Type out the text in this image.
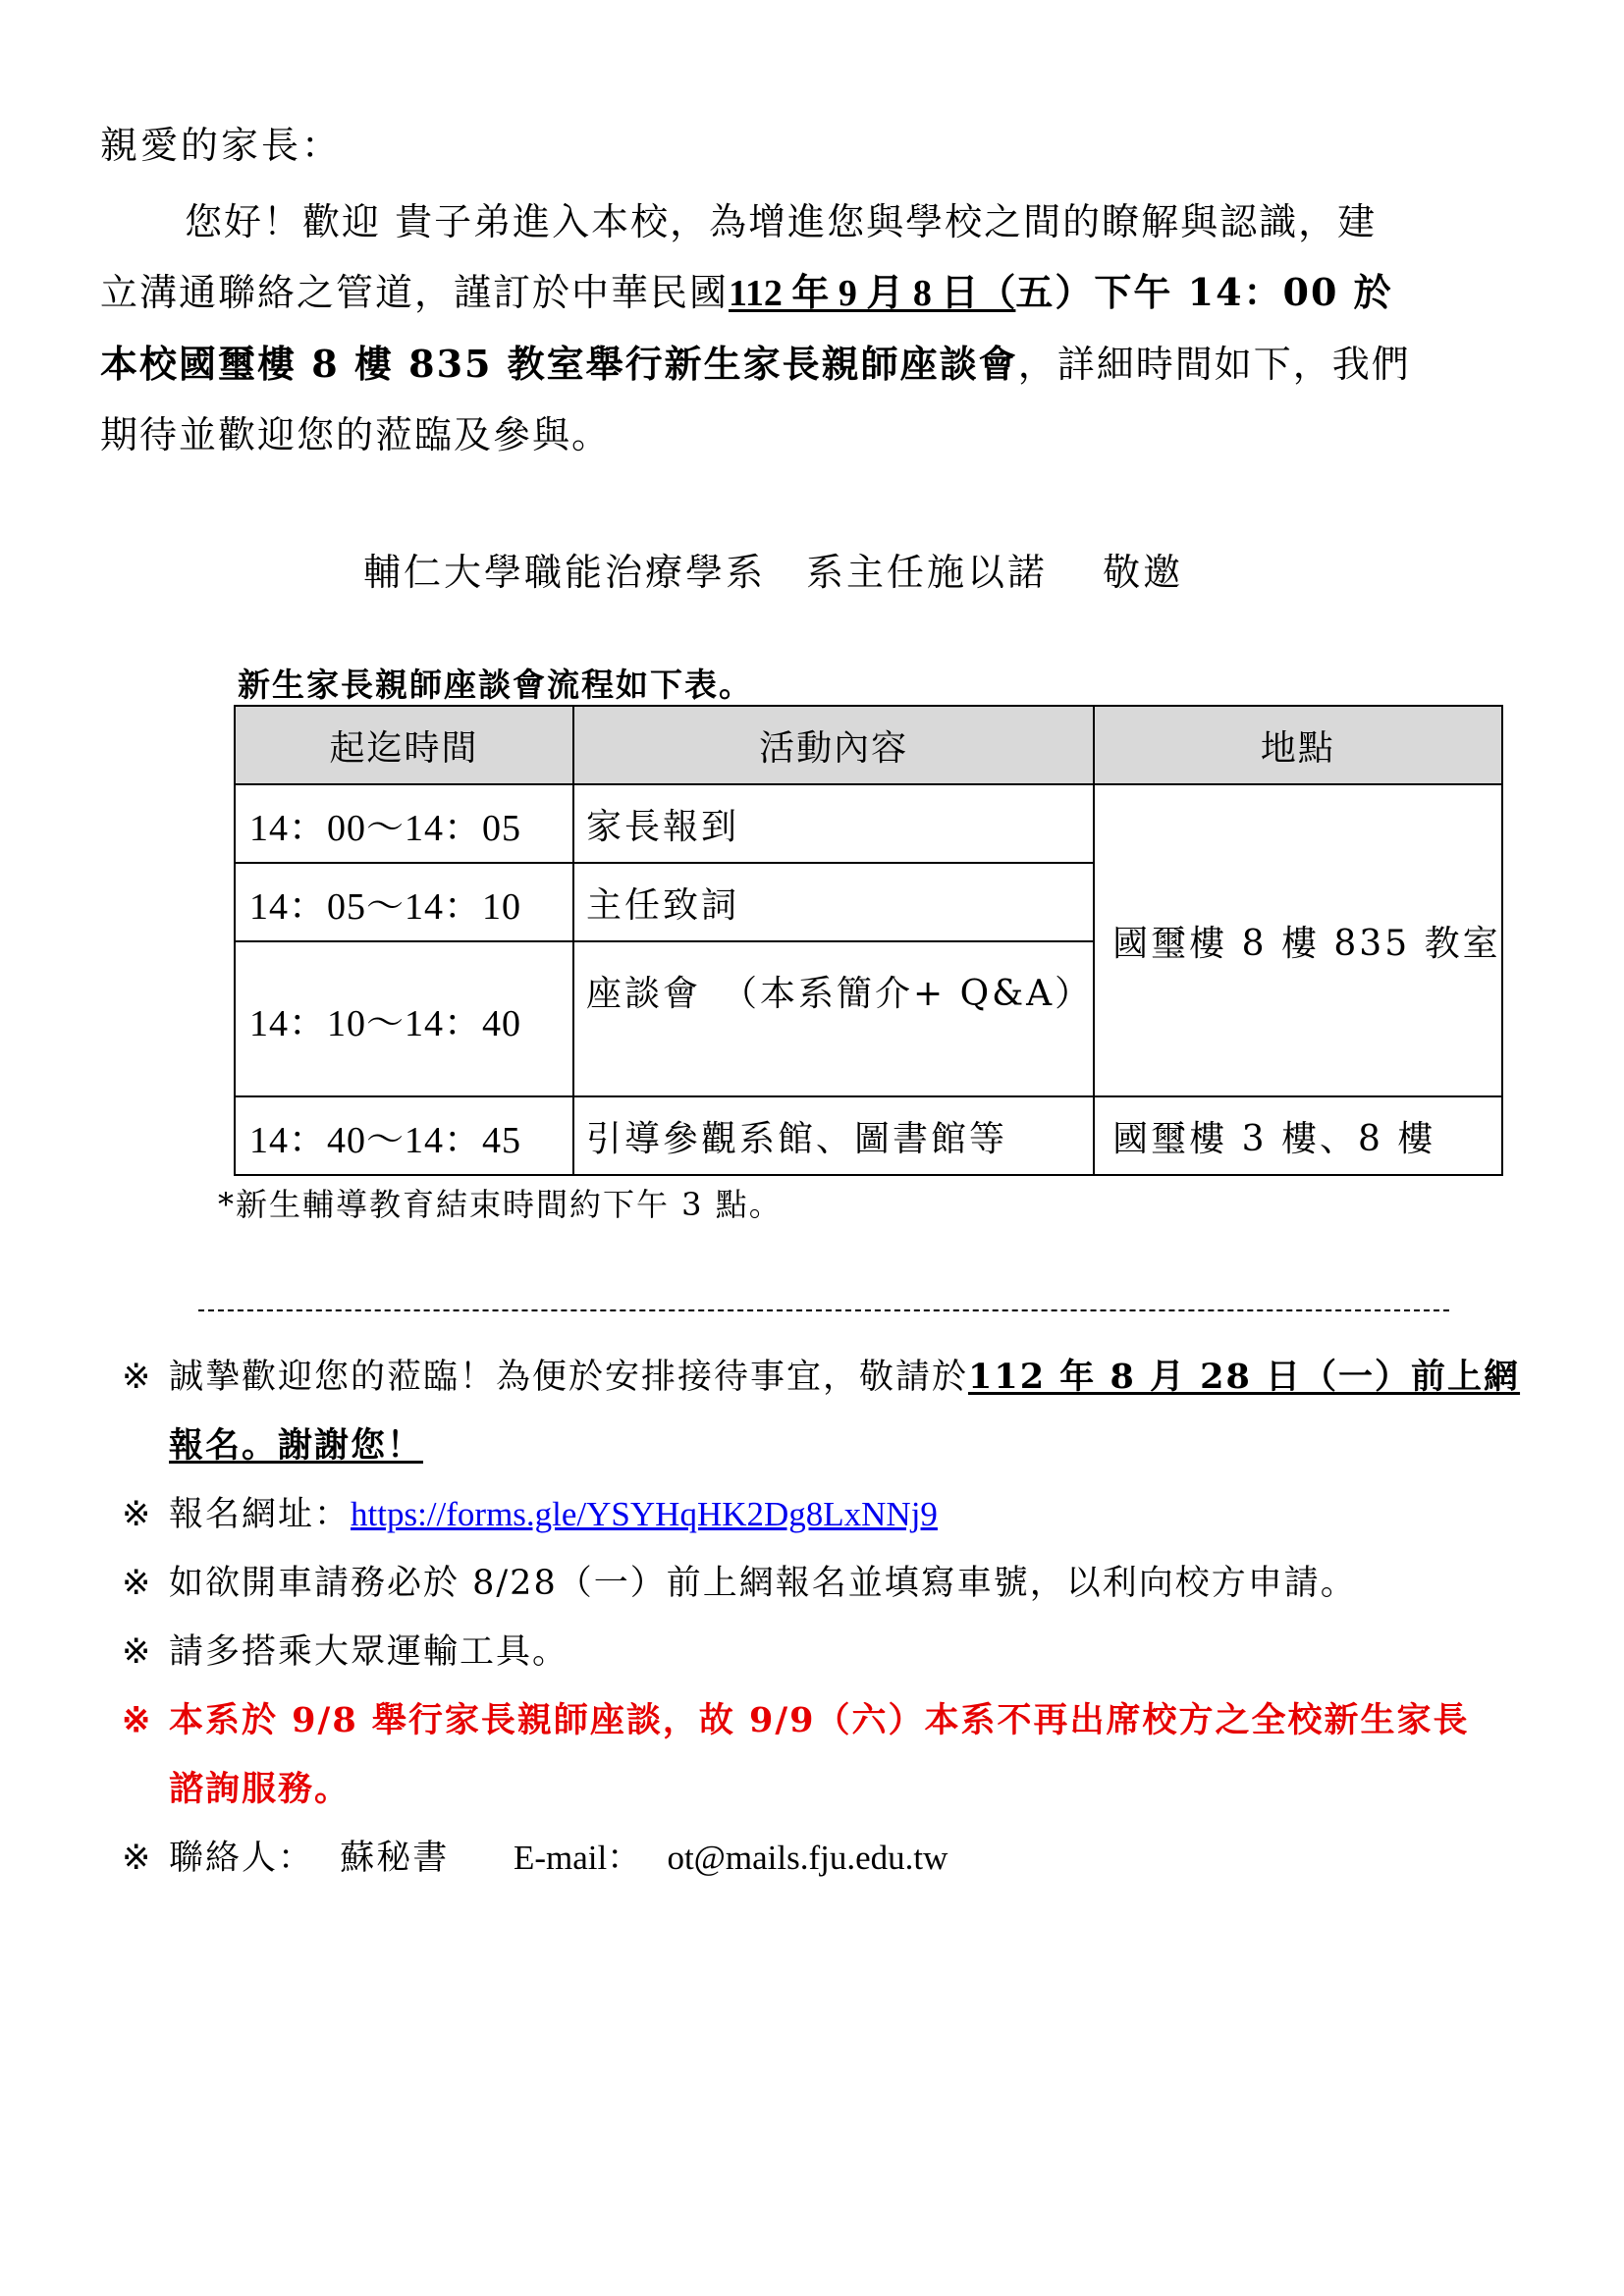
親愛的家長：
您好！歡迎 貴子弟進入本校，為增進您與學校之間的瞭解與認識，建
立溝通聯絡之管道，謹訂於中華民國112 年 9 月 8 日（五）下午 14：00 於
本校國璽樓 8 樓 835 教室舉行新生家長親師座談會，詳細時間如下，我們
期待並歡迎您的蒞臨及參與。
輔仁大學職能治療學系　系主任施以諾　 敬邀
新生家長親師座談會流程如下表。
起迄時間	活動內容	地點
14：00～14：05	家長報到	國璽樓 8 樓 835 教室
14：05～14：10	主任致詞	
14：10～14：40	座談會　（本系簡介+ Q&A）	
14：40～14：45	引導參觀系館、圖書館等	國璽樓 3 樓、8 樓
*新生輔導教育結束時間約下午 3 點。
※ 誠摯歡迎您的蒞臨！為便於安排接待事宜，敬請於112 年 8 月 28 日（一）前上網
報名。謝謝您！
※ 報名網址：https://forms.gle/YSYHqHK2Dg8LxNNj9
※ 如欲開車請務必於 8/28（一）前上網報名並填寫車號，以利向校方申請。
※ 請多搭乘大眾運輸工具。
※ 本系於 9/8 舉行家長親師座談，故 9/9（六）本系不再出席校方之全校新生家長
諮詢服務。
※ 聯絡人： 蘇秘書 E-mail： ot@mails.fju.edu.tw
